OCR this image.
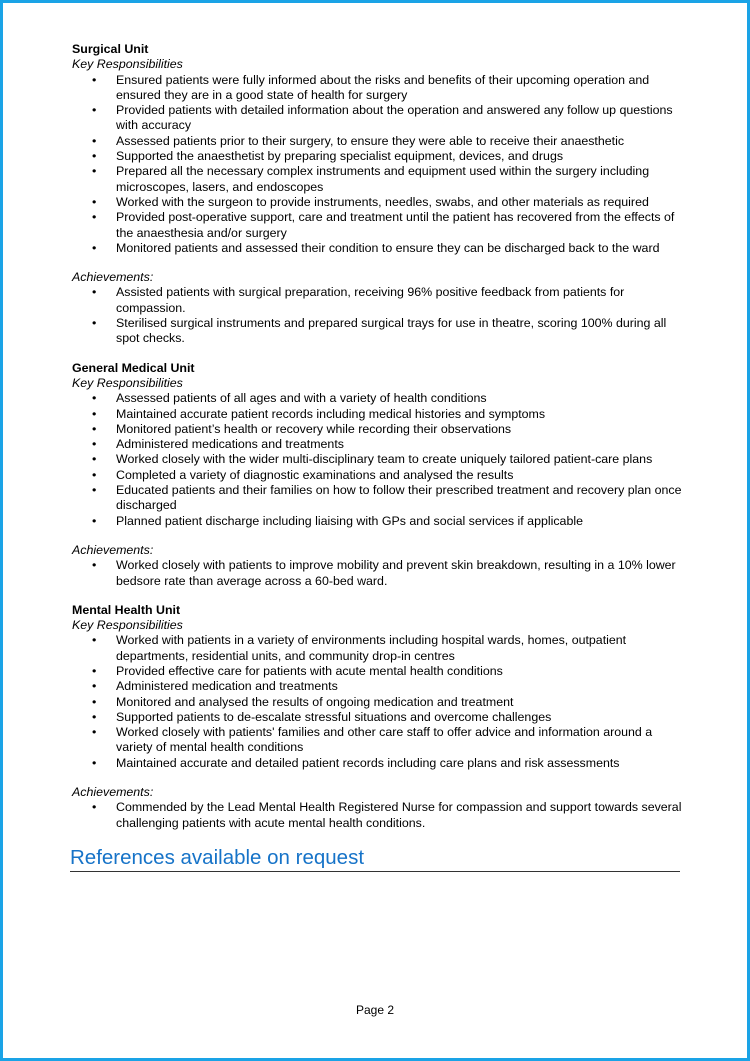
Surgical Unit
Key Responsibilities
• Ensured patients were fully informed about the risks and benefits of their upcoming operation and ensured they are in a good state of health for surgery
• Provided patients with detailed information about the operation and answered any follow up questions with accuracy
• Assessed patients prior to their surgery, to ensure they were able to receive their anaesthetic
• Supported the anaesthetist by preparing specialist equipment, devices, and drugs
• Prepared all the necessary complex instruments and equipment used within the surgery including microscopes, lasers, and endoscopes
• Worked with the surgeon to provide instruments, needles, swabs, and other materials as required
• Provided post-operative support, care and treatment until the patient has recovered from the effects of the anaesthesia and/or surgery
• Monitored patients and assessed their condition to ensure they can be discharged back to the ward
Achievements:
• Assisted patients with surgical preparation, receiving 96% positive feedback from patients for compassion.
• Sterilised surgical instruments and prepared surgical trays for use in theatre, scoring 100% during all spot checks.
General Medical Unit
Key Responsibilities
• Assessed patients of all ages and with a variety of health conditions
• Maintained accurate patient records including medical histories and symptoms
• Monitored patient’s health or recovery while recording their observations
• Administered medications and treatments
• Worked closely with the wider multi-disciplinary team to create uniquely tailored patient-care plans
• Completed a variety of diagnostic examinations and analysed the results
• Educated patients and their families on how to follow their prescribed treatment and recovery plan once discharged
• Planned patient discharge including liaising with GPs and social services if applicable
Achievements:
• Worked closely with patients to improve mobility and prevent skin breakdown, resulting in a 10% lower bedsore rate than average across a 60-bed ward.
Mental Health Unit
Key Responsibilities
• Worked with patients in a variety of environments including hospital wards, homes, outpatient departments, residential units, and community drop-in centres
• Provided effective care for patients with acute mental health conditions
• Administered medication and treatments
• Monitored and analysed the results of ongoing medication and treatment
• Supported patients to de-escalate stressful situations and overcome challenges
• Worked closely with patients' families and other care staff to offer advice and information around a variety of mental health conditions
• Maintained accurate and detailed patient records including care plans and risk assessments
Achievements:
• Commended by the Lead Mental Health Registered Nurse for compassion and support towards several challenging patients with acute mental health conditions.
References available on request
Page 2
